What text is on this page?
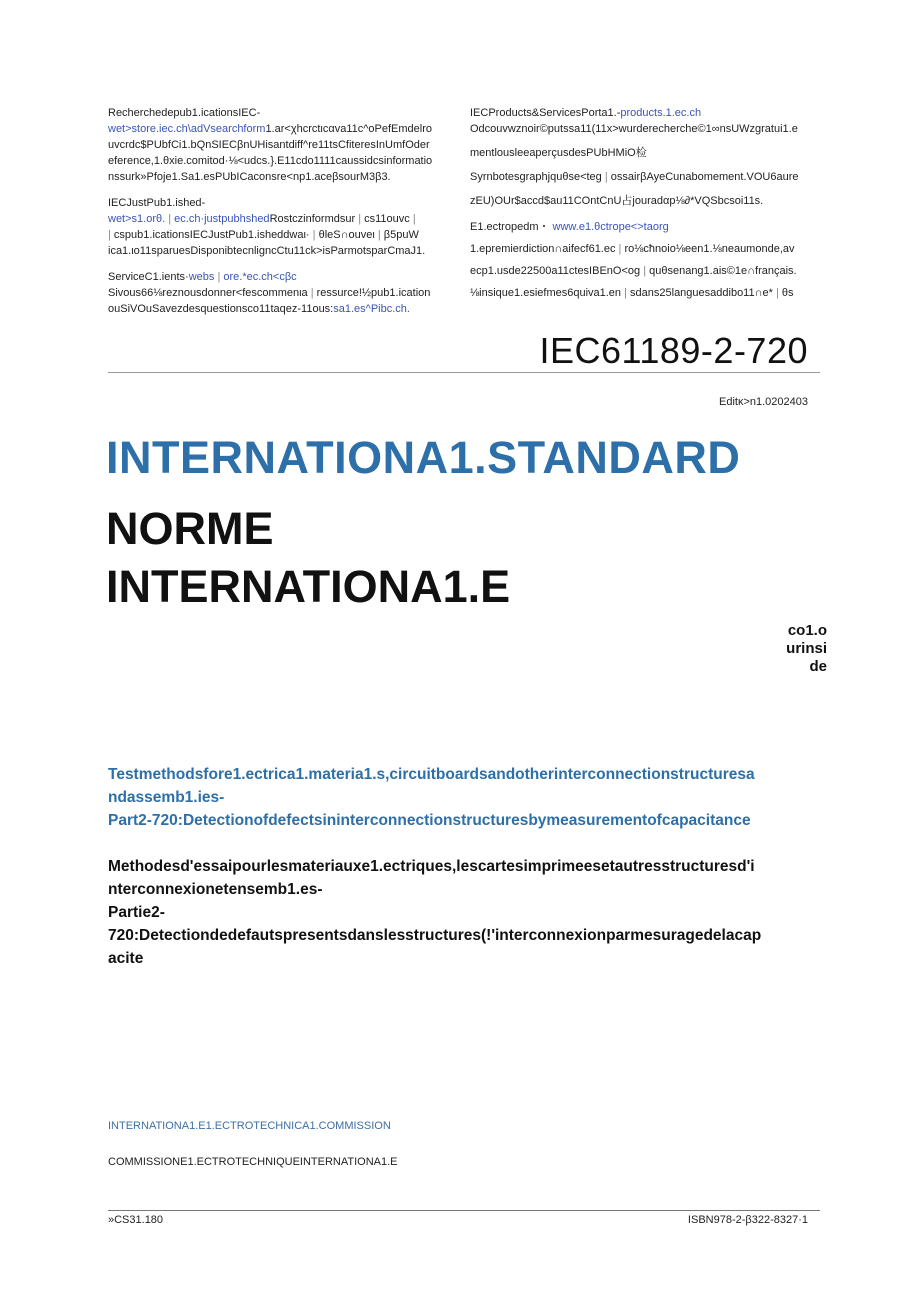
Recherchedepub1.icationsIEC-
wet>store.iec.ch\adVsearchform1.ar<χhcrctιcαva11c^oPefEmdelro
uvcrdc$PUbfCi1.bQnSIECβnUHisantdiff^re11tsCfiteresInUmfOder
eference,1.θxie.comitod·⅛<udcs.}.E11cdo1111caussidcsinformatio
nssurk»Pfoje1.Sa1.esPUbICaconsre<np1.aceβsourM3β3.

IECJustPub1.ished-
wet>s1.orθ. | ec.ch·justpubhshedRostczinformdsur | cs11ouvc |
| cspub1.icationsIECJustPub1.isheddwaι· | θleS∩ouveι | β5puW
ica1.ιo11sparuesDisponibtecnligncCtu11ck>isParmotsparCmaJ1.

ServiceC1.ients·webs | ore.*ec.ch<cβc
Sivous66⅛reznousdonner<fescommenιa | ressurce!½pub1.ication
ouSiVOuSavezdesquestionsco11taqez-11ous:sa1.es^Pibc.ch.

IECProducts&ServicesPorta1.-products.1.ec.ch
Odcouvwznoir©putssa11(11x>wurderecherche©1∞nsUWzgratui1.e
mentlousleeaperçusdesPUbHMiO检
Syrnbotesgraphjquθse<teg | ossairβAyeCunabomement.VOU6aure
zEU)OUr$accd$au11COntCnU占jouradαp⅛∂*VQSbcsoi11s.

E1.ectropedm・ www.e1.θctrope<>taorg
1.epremierdiction∩aifecf61.ec | ro⅛cħnoio⅛een1.⅛neaumonde,av
ecp1.usde22500a11ctesIBEnO<og | quθsenang1.ais©1e∩français.
⅛insique1.esiefmes6quiva1.en | sdans25languesaddibo11∩e* | θs

IEC61189-2-720
Editκ>n1.0202403
INTERNATIONA1.STANDARD
NORME
INTERNATIONA1.E
co1.o
urinsi
de
Testmethodsfore1.ectrica1.materia1.s,circuitboardsandotherinterconnectionstructuresa
ndassemb1.ies-
Part2-720:Detectionofdefectsininterconnectionstructuresbymeasurementofcapacitance
Methodesd'essaipourlesmateriauxe1.ectriques,lescartesimprimeesetautresstructuresd'i
nterconnexionetensemb1.es-
Partie2-
720:Detectiondedefautspresentsdanslesstructures(!'interconnexionparmesuragedelacap
acite
INTERNATIONA1.E1.ECTROTECHNICA1.COMMISSION
COMMISSIONE1.ECTROTECHNIQUEINTERNATIONA1.E
»CS31.180	ISBN978-2-β322-8327·1
